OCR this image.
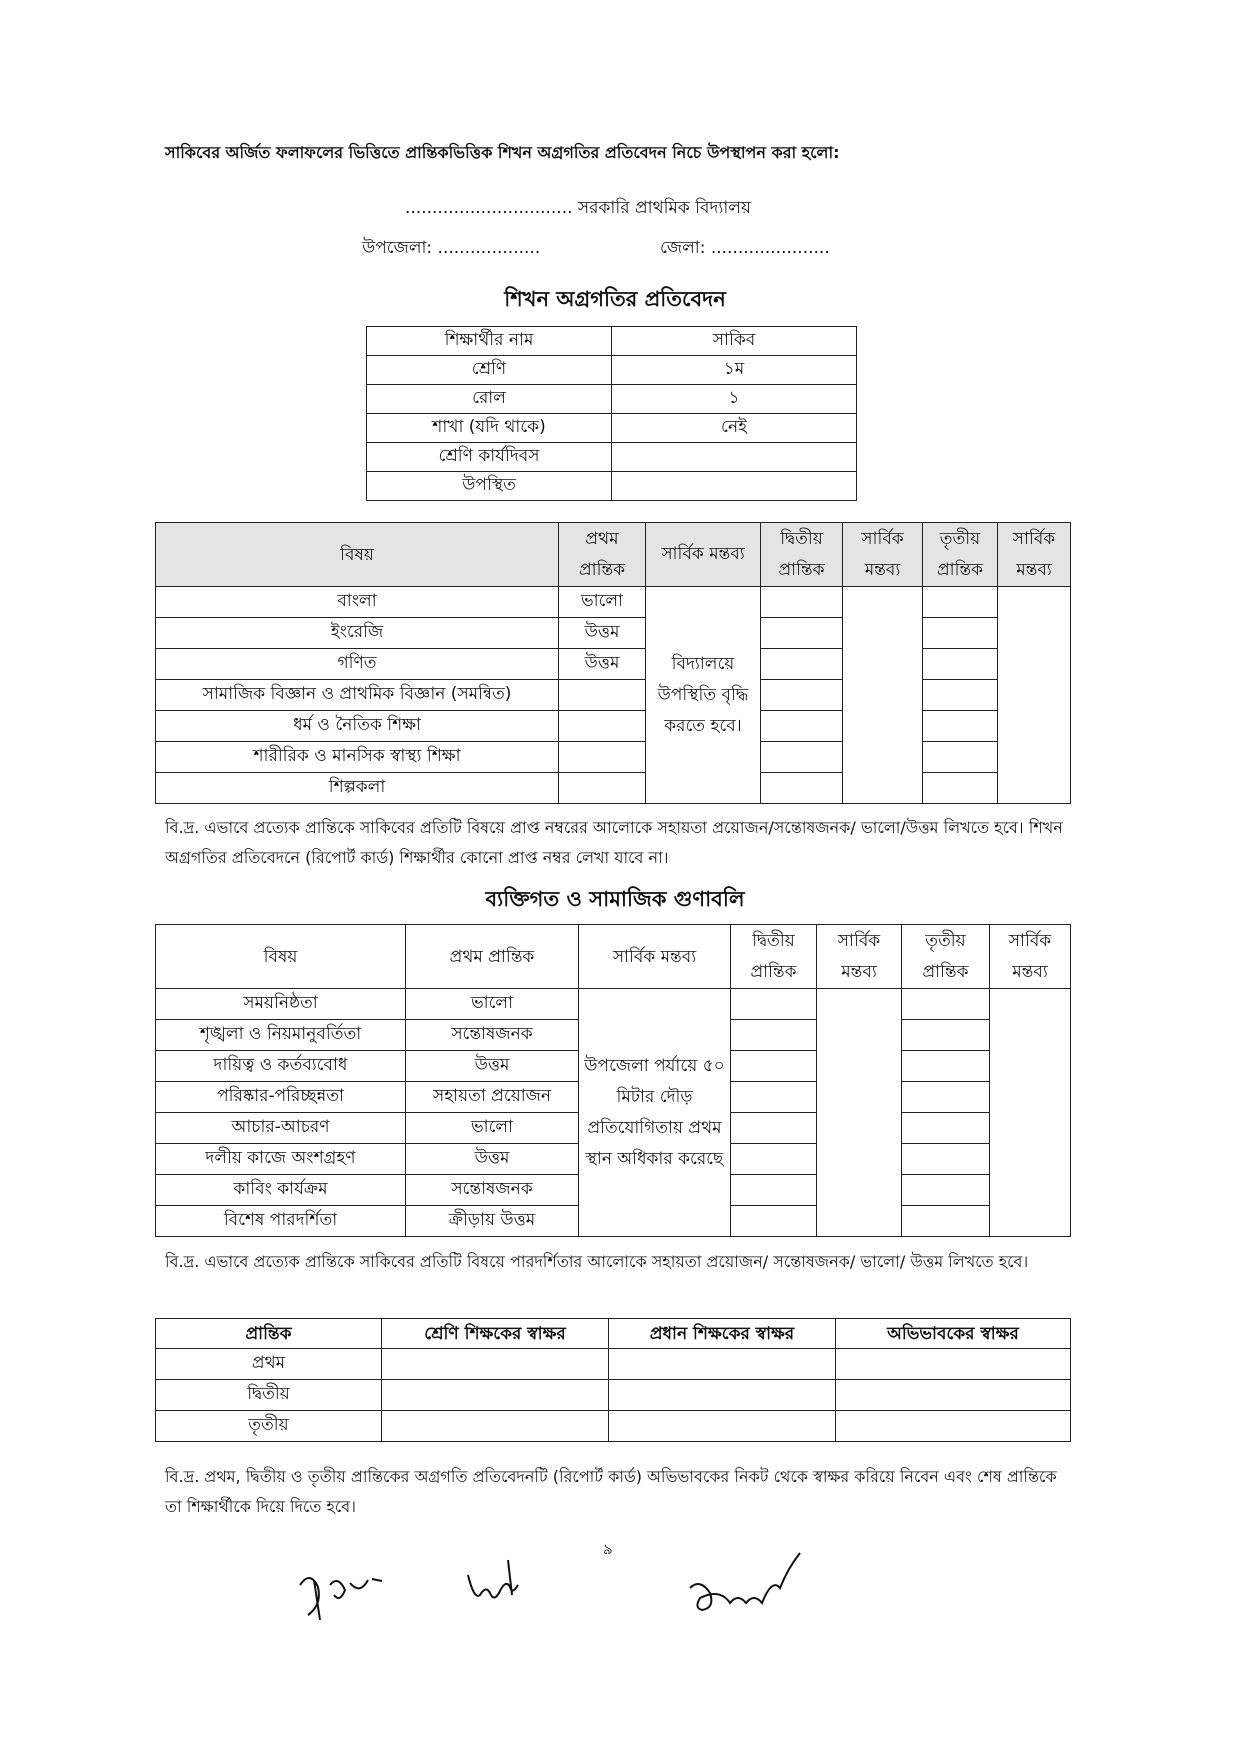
সাকিবের অর্জিত ফলাফলের ভিত্তিতে প্রান্তিকভিত্তিক শিখন অগ্রগতির প্রতিবেদন নিচে উপস্থাপন করা হলো:
............................... সরকারি প্রাথমিক বিদ্যালয়
উপজেলা: ...................	জেলা: ......................
শিখন অগ্রগতির প্রতিবেদন
শিক্ষার্থীর নাম	সাকিব
শ্রেণি	১ম
রোল	১
শাখা (যদি থাকে)	নেই
শ্রেণি কার্যদিবস	
উপস্থিত	
বিষয়	প্রথম প্রান্তিক	সার্বিক মন্তব্য	দ্বিতীয় প্রান্তিক	সার্বিক মন্তব্য	তৃতীয় প্রান্তিক	সার্বিক মন্তব্য
বাংলা	ভালো	বিদ্যালয়ে উপস্থিতি বৃদ্ধি করতে হবে।				
ইংরেজি	উত্তম					
গণিত	উত্তম					
সামাজিক বিজ্ঞান ও প্রাথমিক বিজ্ঞান (সমন্বিত)						
ধর্ম ও নৈতিক শিক্ষা						
শারীরিক ও মানসিক স্বাস্থ্য শিক্ষা						
শিল্পকলা						
বি.দ্র. এভাবে প্রত্যেক প্রান্তিকে সাকিবের প্রতিটি বিষয়ে প্রাপ্ত নম্বরের আলোকে সহায়তা প্রয়োজন/সন্তোষজনক/ ভালো/উত্তম লিখতে হবে। শিখন অগ্রগতির প্রতিবেদনে (রিপোর্ট কার্ড) শিক্ষার্থীর কোনো প্রাপ্ত নম্বর লেখা যাবে না।
ব্যক্তিগত ও সামাজিক গুণাবলি
বিষয়	প্রথম প্রান্তিক	সার্বিক মন্তব্য	দ্বিতীয় প্রান্তিক	সার্বিক মন্তব্য	তৃতীয় প্রান্তিক	সার্বিক মন্তব্য
সময়নিষ্ঠতা	ভালো	উপজেলা পর্যায়ে ৫০ মিটার দৌড় প্রতিযোগিতায় প্রথম স্থান অধিকার করেছে				
শৃঙ্খলা ও নিয়মানুবর্তিতা	সন্তোষজনক					
দায়িত্ব ও কর্তব্যবোধ	উত্তম					
পরিষ্কার-পরিচ্ছন্নতা	সহায়তা প্রয়োজন					
আচার-আচরণ	ভালো					
দলীয় কাজে অংশগ্রহণ	উত্তম					
কাবিং কার্যক্রম	সন্তোষজনক					
বিশেষ পারদর্শিতা	ক্রীড়ায় উত্তম					
বি.দ্র. এভাবে প্রত্যেক প্রান্তিকে সাকিবের প্রতিটি বিষয়ে পারদর্শিতার আলোকে সহায়তা প্রয়োজন/ সন্তোষজনক/ ভালো/ উত্তম লিখতে হবে।
প্রান্তিক	শ্রেণি শিক্ষকের স্বাক্ষর	প্রধান শিক্ষকের স্বাক্ষর	অভিভাবকের স্বাক্ষর
প্রথম			
দ্বিতীয়			
তৃতীয়			
বি.দ্র. প্রথম, দ্বিতীয় ও তৃতীয় প্রান্তিকের অগ্রগতি প্রতিবেদনটি (রিপোর্ট কার্ড) অভিভাবকের নিকট থেকে স্বাক্ষর করিয়ে নিবেন এবং শেষ প্রান্তিকে তা শিক্ষার্থীকে দিয়ে দিতে হবে।
৯
